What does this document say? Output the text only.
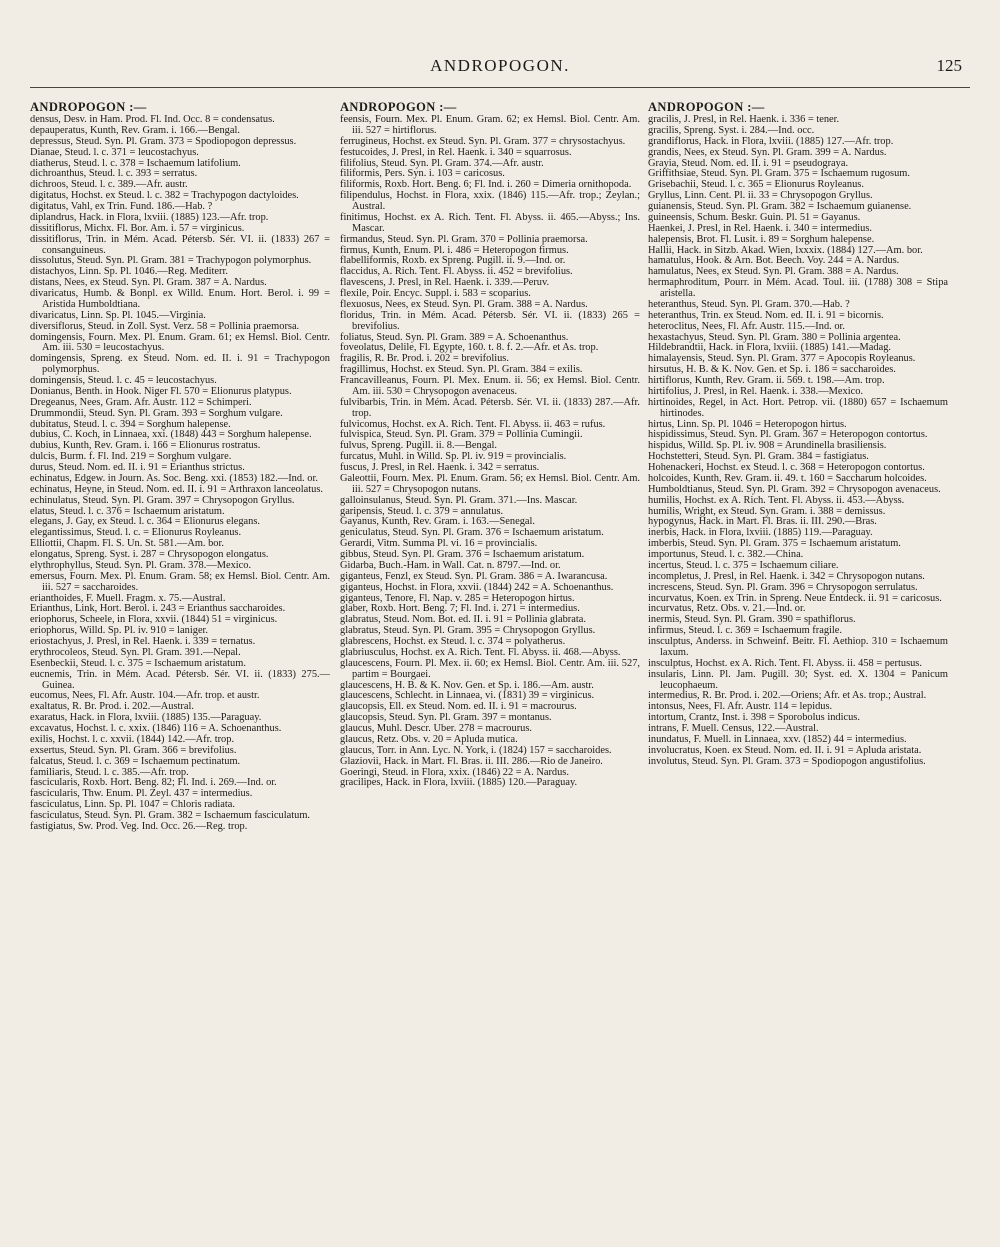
ANDROPOGON.	125
ANDROPOGON :—

densus, Desv. in Ham. Prod. Fl. Ind. Occ. 8 = condensatus.

depauperatus, Kunth, Rev. Gram. i. 166.—Bengal.

depressus, Steud. Syn. Pl. Gram. 373 = Spodiopogon depressus.

Dianae, Steud. l. c. 371 = leucostachyus.

diatherus, Steud. l. c. 378 = Ischaemum latifolium.

dichroanthus, Steud. l. c. 393 = serratus.

dichroos, Steud. l. c. 389.—Afr. austr.

digitatus, Hochst. ex Steud. l. c. 382 = Trachypogon dactyloides.

digitatus, Vahl, ex Trin. Fund. 186.—Hab. ?

diplandrus, Hack. in Flora, lxviii. (1885) 123.—Afr. trop.

dissitiflorus, Michx. Fl. Bor. Am. i. 57 = virginicus.

dissitiflorus, Trin. in Mém. Acad. Pétersb. Sér. VI. ii. (1833) 267 = consanguineus.

dissolutus, Steud. Syn. Pl. Gram. 381 = Trachypogon polymorphus.

distachyos, Linn. Sp. Pl. 1046.—Reg. Mediterr.

distans, Nees, ex Steud. Syn. Pl. Gram. 387 = A. Nardus.

divaricatus, Humb. & Bonpl. ex Willd. Enum. Hort. Berol. i. 99 = Aristida Humboldtiana.

divaricatus, Linn. Sp. Pl. 1045.—Virginia.

diversiflorus, Steud. in Zoll. Syst. Verz. 58 = Pollinia praemorsa.

domingensis, Fourn. Mex. Pl. Enum. Gram. 61; ex Hemsl. Biol. Centr. Am. iii. 530 = leucostachyus.

domingensis, Spreng. ex Steud. Nom. ed. II. i. 91 = Trachypogon polymorphus.

domingensis, Steud. l. c. 45 = leucostachyus.

Donianus, Benth. in Hook. Niger Fl. 570 = Elionurus platypus.

Dregeanus, Nees, Gram. Afr. Austr. 112 = Schimperi.

Drummondii, Steud. Syn. Pl. Gram. 393 = Sorghum vulgare.

dubitatus, Steud. l. c. 394 = Sorghum halepense.

dubius, C. Koch, in Linnaea, xxi. (1848) 443 = Sorghum halepense.

dubius, Kunth, Rev. Gram. i. 166 = Elionurus rostratus.

dulcis, Burm. f. Fl. Ind. 219 = Sorghum vulgare.

durus, Steud. Nom. ed. II. i. 91 = Erianthus strictus.

echinatus, Edgew. in Journ. As. Soc. Beng. xxi. (1853) 182.—Ind. or.

echinatus, Heyne, in Steud. Nom. ed. II. i. 91 = Arthraxon lanceolatus.

echinulatus, Steud. Syn. Pl. Gram. 397 = Chrysopogon Gryllus.

elatus, Steud. l. c. 376 = Ischaemum aristatum.

elegans, J. Gay, ex Steud. l. c. 364 = Elionurus elegans.

elegantissimus, Steud. l. c. = Elionurus Royleanus.

Elliottii, Chapm. Fl. S. Un. St. 581.—Am. bor.

elongatus, Spreng. Syst. i. 287 = Chrysopogon elongatus.

elythrophyllus, Steud. Syn. Pl. Gram. 378.—Mexico.

emersus, Fourn. Mex. Pl. Enum. Gram. 58; ex Hemsl. Biol. Centr. Am. iii. 527 = saccharoides.

erianthoides, F. Muell. Fragm. x. 75.—Austral.

Erianthus, Link, Hort. Berol. i. 243 = Erianthus saccharoides.

eriophorus, Scheele, in Flora, xxvii. (1844) 51 = virginicus.

eriophorus, Willd. Sp. Pl. iv. 910 = laniger.

eriostachyus, J. Presl, in Rel. Haenk. i. 339 = ternatus.

erythrocoleos, Steud. Syn. Pl. Gram. 391.—Nepal.

Esenbeckii, Steud. l. c. 375 = Ischaemum aristatum.

eucnemis, Trin. in Mém. Acad. Pétersb. Sér. VI. ii. (1833) 275.—Guinea.

eucomus, Nees, Fl. Afr. Austr. 104.—Afr. trop. et austr.

exaltatus, R. Br. Prod. i. 202.—Austral.

exaratus, Hack. in Flora, lxviii. (1885) 135.—Paraguay.

excavatus, Hochst. l. c. xxix. (1846) 116 = A. Schoenanthus.

exilis, Hochst. l. c. xxvii. (1844) 142.—Afr. trop.

exsertus, Steud. Syn. Pl. Gram. 366 = brevifolius.

falcatus, Steud. l. c. 369 = Ischaemum pectinatum.

familiaris, Steud. l. c. 385.—Afr. trop.

fascicularis, Roxb. Hort. Beng. 82; Fl. Ind. i. 269.—Ind. or.

fascicularis, Thw. Enum. Pl. Zeyl. 437 = intermedius.

fasciculatus, Linn. Sp. Pl. 1047 = Chloris radiata.

fasciculatus, Steud. Syn. Pl. Gram. 382 = Ischaemum fasciculatum.

fastigiatus, Sw. Prod. Veg. Ind. Occ. 26.—Reg. trop.

ANDROPOGON :—

feensis, Fourn. Mex. Pl. Enum. Gram. 62; ex Hemsl. Biol. Centr. Am. iii. 527 = hirtiflorus.

ferrugineus, Hochst. ex Steud. Syn. Pl. Gram. 377 = chrysostachyus.

festucoides, J. Presl, in Rel. Haenk. i. 340 = squarrosus.

filifolius, Steud. Syn. Pl. Gram. 374.—Afr. austr.

filiformis, Pers. Syn. i. 103 = caricosus.

filiformis, Roxb. Hort. Beng. 6; Fl. Ind. i. 260 = Dimeria ornithopoda.

filipendulus, Hochst. in Flora, xxix. (1846) 115.—Afr. trop.; Zeylan.; Austral.

finitimus, Hochst. ex A. Rich. Tent. Fl. Abyss. ii. 465.—Abyss.; Ins. Mascar.

firmandus, Steud. Syn. Pl. Gram. 370 = Pollinia praemorsa.

firmus, Kunth, Enum. Pl. i. 486 = Heteropogon firmus.

flabelliformis, Roxb. ex Spreng. Pugill. ii. 9.—Ind. or.

flaccidus, A. Rich. Tent. Fl. Abyss. ii. 452 = brevifolius.

flavescens, J. Presl, in Rel. Haenk. i. 339.—Peruv.

flexile, Poir. Encyc. Suppl. i. 583 = scoparius.

flexuosus, Nees, ex Steud. Syn. Pl. Gram. 388 = A. Nardus.

floridus, Trin. in Mém. Acad. Pétersb. Sér. VI. ii. (1833) 265 = brevifolius.

foliatus, Steud. Syn. Pl. Gram. 389 = A. Schoenanthus.

foveolatus, Delile, Fl. Egypte, 160. t. 8. f. 2.—Afr. et As. trop.

fragilis, R. Br. Prod. i. 202 = brevifolius.

fragillimus, Hochst. ex Steud. Syn. Pl. Gram. 384 = exilis.

Francavilleanus, Fourn. Pl. Mex. Enum. ii. 56; ex Hemsl. Biol. Centr. Am. iii. 530 = Chrysopogon avenaceus.

fulvibarbis, Trin. in Mém. Acad. Pétersb. Sér. VI. ii. (1833) 287.—Afr. trop.

fulvicomus, Hochst. ex A. Rich. Tent. Fl. Abyss. ii. 463 = rufus.

fulvispica, Steud. Syn. Pl. Gram. 379 = Pollinia Cumingii.

fulvus, Spreng. Pugill. ii. 8.—Bengal.

furcatus, Muhl. in Willd. Sp. Pl. iv. 919 = provincialis.

fuscus, J. Presl, in Rel. Haenk. i. 342 = serratus.

Galeottii, Fourn. Mex. Pl. Enum. Gram. 56; ex Hemsl. Biol. Centr. Am. iii. 527 = Chrysopogon nutans.

galloinsulanus, Steud. Syn. Pl. Gram. 371.—Ins. Mascar.

garipensis, Steud. l. c. 379 = annulatus.

Gayanus, Kunth, Rev. Gram. i. 163.—Senegal.

geniculatus, Steud. Syn. Pl. Gram. 376 = Ischaemum aristatum.

Gerardi, Vitm. Summa Pl. vi. 16 = provincialis.

gibbus, Steud. Syn. Pl. Gram. 376 = Ischaemum aristatum.

Gidarba, Buch.-Ham. in Wall. Cat. n. 8797.—Ind. or.

giganteus, Fenzl, ex Steud. Syn. Pl. Gram. 386 = A. Iwarancusa.

giganteus, Hochst. in Flora, xxvii. (1844) 242 = A. Schoenanthus.

giganteus, Tenore, Fl. Nap. v. 285 = Heteropogon hirtus.

glaber, Roxb. Hort. Beng. 7; Fl. Ind. i. 271 = intermedius.

glabratus, Steud. Nom. Bot. ed. II. i. 91 = Pollinia glabrata.

glabratus, Steud. Syn. Pl. Gram. 395 = Chrysopogon Gryllus.

glabrescens, Hochst. ex Steud. l. c. 374 = polyatherus.

glabriusculus, Hochst. ex A. Rich. Tent. Fl. Abyss. ii. 468.—Abyss.

glaucescens, Fourn. Pl. Mex. ii. 60; ex Hemsl. Biol. Centr. Am. iii. 527, partim = Bourgaei.

glaucescens, H. B. & K. Nov. Gen. et Sp. i. 186.—Am. austr.

glaucescens, Schlecht. in Linnaea, vi. (1831) 39 = virginicus.

glaucopsis, Ell. ex Steud. Nom. ed. II. i. 91 = macrourus.

glaucopsis, Steud. Syn. Pl. Gram. 397 = montanus.

glaucus, Muhl. Descr. Uber. 278 = macrourus.

glaucus, Retz. Obs. v. 20 = Apluda mutica.

glaucus, Torr. in Ann. Lyc. N. York, i. (1824) 157 = saccharoides.

Glaziovii, Hack. in Mart. Fl. Bras. ii. III. 286.—Rio de Janeiro.

Goeringi, Steud. in Flora, xxix. (1846) 22 = A. Nardus.

gracilipes, Hack. in Flora, lxviii. (1885) 120.—Paraguay.

ANDROPOGON :—

gracilis, J. Presl, in Rel. Haenk. i. 336 = tener.

gracilis, Spreng. Syst. i. 284.—Ind. occ.

grandiflorus, Hack. in Flora, lxviii. (1885) 127.—Afr. trop.

grandis, Nees, ex Steud. Syn. Pl. Gram. 399 = A. Nardus.

Grayia, Steud. Nom. ed. II. i. 91 = pseudograya.

Griffithsiae, Steud. Syn. Pl. Gram. 375 = Ischaemum rugosum.

Grisebachii, Steud. l. c. 365 = Elionurus Royleanus.

Gryllus, Linn. Cent. Pl. ii. 33 = Chrysopogon Gryllus.

guianensis, Steud. Syn. Pl. Gram. 382 = Ischaemum guianense.

guineensis, Schum. Beskr. Guin. Pl. 51 = Gayanus.

Haenkei, J. Presl, in Rel. Haenk. i. 340 = intermedius.

halepensis, Brot. Fl. Lusit. i. 89 = Sorghum halepense.

Hallii, Hack. in Sitzb. Akad. Wien, lxxxix. (1884) 127.—Am. bor.

hamatulus, Hook. & Arn. Bot. Beech. Voy. 244 = A. Nardus.

hamulatus, Nees, ex Steud. Syn. Pl. Gram. 388 = A. Nardus.

hermaphroditum, Pourr. in Mém. Acad. Toul. iii. (1788) 308 = Stipa aristella.

heteranthus, Steud. Syn. Pl. Gram. 370.—Hab. ?

heteranthus, Trin. ex Steud. Nom. ed. II. i. 91 = bicornis.

heteroclitus, Nees, Fl. Afr. Austr. 115.—Ind. or.

hexastachyus, Steud. Syn. Pl. Gram. 380 = Pollinia argentea.

Hildebrandtii, Hack. in Flora, lxviii. (1885) 141.—Madag.

himalayensis, Steud. Syn. Pl. Gram. 377 = Apocopis Royleanus.

hirsutus, H. B. & K. Nov. Gen. et Sp. i. 186 = saccharoides.

hirtiflorus, Kunth, Rev. Gram. ii. 569. t. 198.—Am. trop.

hirtifolius, J. Presl, in Rel. Haenk. i. 338.—Mexico.

hirtinoides, Regel, in Act. Hort. Petrop. vii. (1880) 657 = Ischaemum hirtinodes.

hirtus, Linn. Sp. Pl. 1046 = Heteropogon hirtus.

hispidissimus, Steud. Syn. Pl. Gram. 367 = Heteropogon contortus.

hispidus, Willd. Sp. Pl. iv. 908 = Arundinella brasiliensis.

Hochstetteri, Steud. Syn. Pl. Gram. 384 = fastigiatus.

Hohenackeri, Hochst. ex Steud. l. c. 368 = Heteropogon contortus.

holcoides, Kunth, Rev. Gram. ii. 49. t. 160 = Saccharum holcoides.

Humboldtianus, Steud. Syn. Pl. Gram. 392 = Chrysopogon avenaceus.

humilis, Hochst. ex A. Rich. Tent. Fl. Abyss. ii. 453.—Abyss.

humilis, Wright, ex Steud. Syn. Gram. i. 388 = demissus.

hypogynus, Hack. in Mart. Fl. Bras. ii. III. 290.—Bras.

inerbis, Hack. in Flora, lxviii. (1885) 119.—Paraguay.

imberbis, Steud. Syn. Pl. Gram. 375 = Ischaemum aristatum.

importunus, Steud. l. c. 382.—China.

incertus, Steud. l. c. 375 = Ischaemum ciliare.

incompletus, J. Presl, in Rel. Haenk. i. 342 = Chrysopogon nutans.

increscens, Steud. Syn. Pl. Gram. 396 = Chrysopogon serrulatus.

incurvatus, Koen. ex Trin. in Spreng. Neue Entdeck. ii. 91 = caricosus.

incurvatus, Retz. Obs. v. 21.—Ind. or.

inermis, Steud. Syn. Pl. Gram. 390 = spathiflorus.

infirmus, Steud. l. c. 369 = Ischaemum fragile.

insculptus, Anderss. in Schweinf. Beitr. Fl. Aethiop. 310 = Ischaemum laxum.

insculptus, Hochst. ex A. Rich. Tent. Fl. Abyss. ii. 458 = pertusus.

insularis, Linn. Pl. Jam. Pugill. 30; Syst. ed. X. 1304 = Panicum leucophaeum.

intermedius, R. Br. Prod. i. 202.—Oriens; Afr. et As. trop.; Austral.

intonsus, Nees, Fl. Afr. Austr. 114 = lepidus.

intortum, Crantz, Inst. i. 398 = Sporobolus indicus.

intrans, F. Muell. Census, 122.—Austral.

inundatus, F. Muell. in Linnaea, xxv. (1852) 44 = intermedius.

involucratus, Koen. ex Steud. Nom. ed. II. i. 91 = Apluda aristata.

involutus, Steud. Syn. Pl. Gram. 373 = Spodiopogon angustifolius.
